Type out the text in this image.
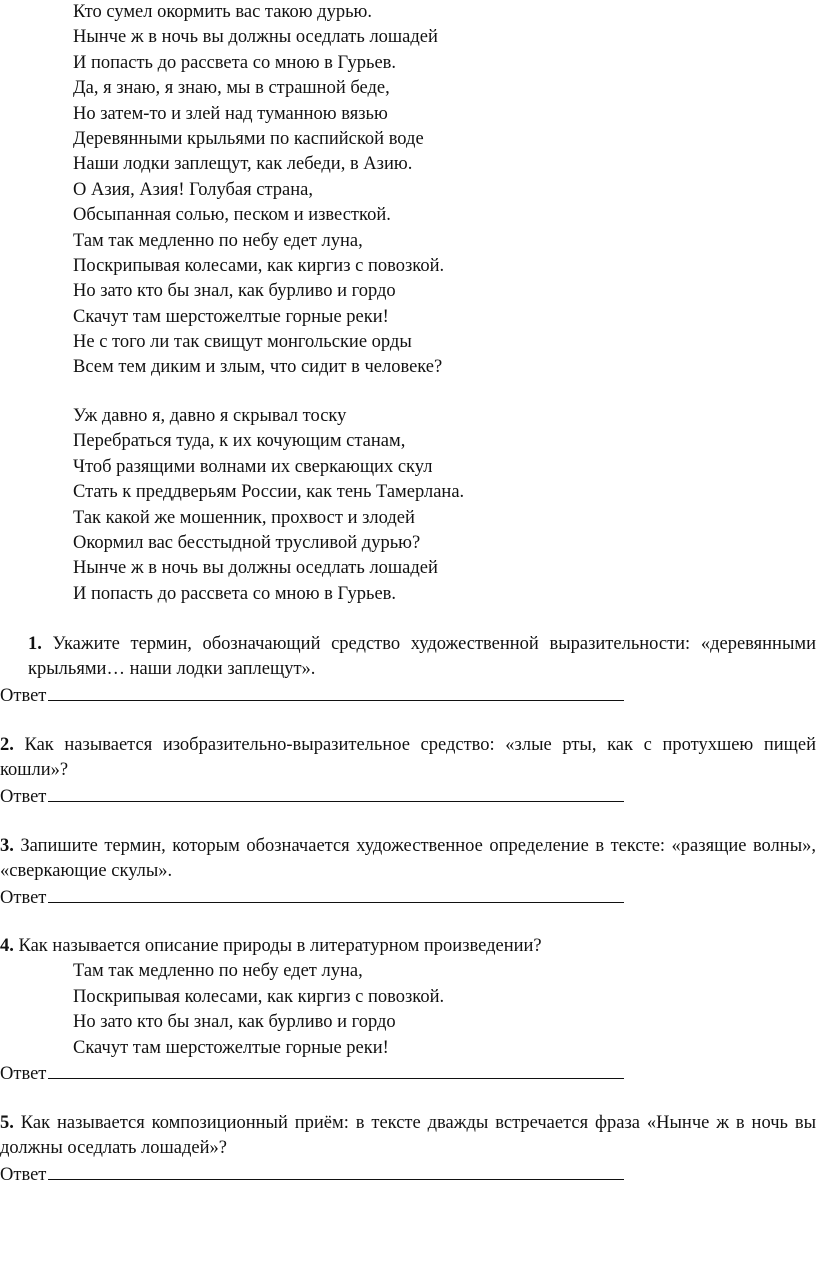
Кто сумел окормить вас такою дурью.
Нынче ж в ночь вы должны оседлать лошадей
И попасть до рассвета со мною в Гурьев.
Да, я знаю, я знаю, мы в страшной беде,
Но затем-то и злей над туманною вязью
Деревянными крыльями по каспийской воде
Наши лодки заплещут, как лебеди, в Азию.
О Азия, Азия! Голубая страна,
Обсыпанная солью, песком и известкой.
Там так медленно по небу едет луна,
Поскрипывая колесами, как киргиз с повозкой.
Но зато кто бы знал, как бурливо и гордо
Скачут там шерстожелтые горные реки!
Не с того ли так свищут монгольские орды
Всем тем диким и злым, что сидит в человеке?
Уж давно я, давно я скрывал тоску
Перебраться туда, к их кочующим станам,
Чтоб разящими волнами их сверкающих скул
Стать к преддверьям России, как тень Тамерлана.
Так какой же мошенник, прохвост и злодей
Окормил вас бесстыдной трусливой дурью?
Нынче ж в ночь вы должны оседлать лошадей
И попасть до рассвета со мною в Гурьев.
1. Укажите термин, обозначающий средство художественной выразительности: «деревянными крыльями… наши лодки заплещут».
Ответ
2. Как называется изобразительно-выразительное средство: «злые рты, как с протухшею пищей кошли»?
Ответ
3. Запишите термин, которым обозначается художественное определение в тексте: «разящие волны», «сверкающие скулы».
Ответ
4. Как называется описание природы в литературном произведении?
Там так медленно по небу едет луна,
Поскрипывая колесами, как киргиз с повозкой.
Но зато кто бы знал, как бурливо и гордо
Скачут там шерстожелтые горные реки!
Ответ
5. Как называется композиционный приём: в тексте дважды встречается фраза «Нынче ж в ночь вы должны оседлать лошадей»?
Ответ
